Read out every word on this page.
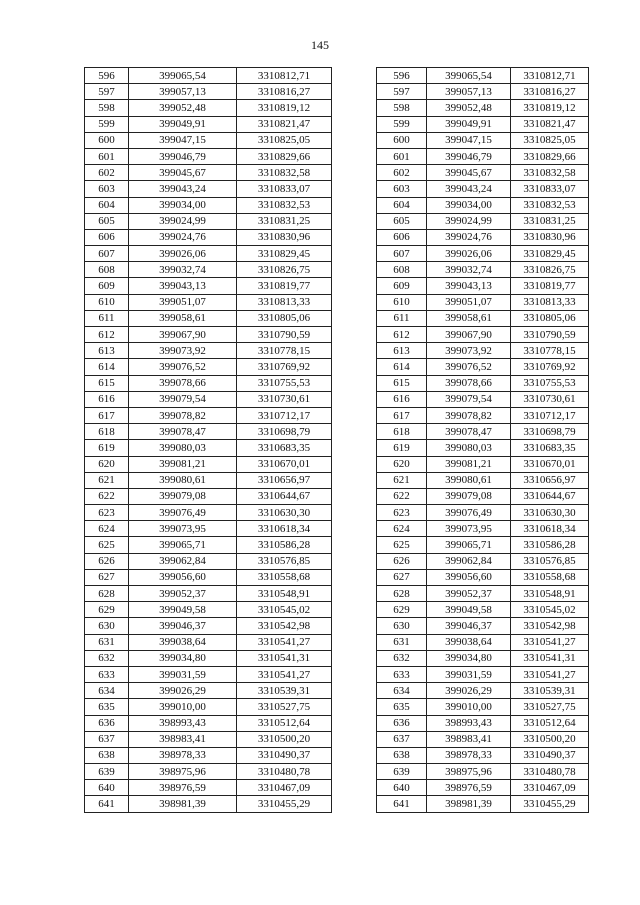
145
596	399065,54	3310812,71
597	399057,13	3310816,27
598	399052,48	3310819,12
599	399049,91	3310821,47
600	399047,15	3310825,05
601	399046,79	3310829,66
602	399045,67	3310832,58
603	399043,24	3310833,07
604	399034,00	3310832,53
605	399024,99	3310831,25
606	399024,76	3310830,96
607	399026,06	3310829,45
608	399032,74	3310826,75
609	399043,13	3310819,77
610	399051,07	3310813,33
611	399058,61	3310805,06
612	399067,90	3310790,59
613	399073,92	3310778,15
614	399076,52	3310769,92
615	399078,66	3310755,53
616	399079,54	3310730,61
617	399078,82	3310712,17
618	399078,47	3310698,79
619	399080,03	3310683,35
620	399081,21	3310670,01
621	399080,61	3310656,97
622	399079,08	3310644,67
623	399076,49	3310630,30
624	399073,95	3310618,34
625	399065,71	3310586,28
626	399062,84	3310576,85
627	399056,60	3310558,68
628	399052,37	3310548,91
629	399049,58	3310545,02
630	399046,37	3310542,98
631	399038,64	3310541,27
632	399034,80	3310541,31
633	399031,59	3310541,27
634	399026,29	3310539,31
635	399010,00	3310527,75
636	398993,43	3310512,64
637	398983,41	3310500,20
638	398978,33	3310490,37
639	398975,96	3310480,78
640	398976,59	3310467,09
641	398981,39	3310455,29
596	399065,54	3310812,71
597	399057,13	3310816,27
598	399052,48	3310819,12
599	399049,91	3310821,47
600	399047,15	3310825,05
601	399046,79	3310829,66
602	399045,67	3310832,58
603	399043,24	3310833,07
604	399034,00	3310832,53
605	399024,99	3310831,25
606	399024,76	3310830,96
607	399026,06	3310829,45
608	399032,74	3310826,75
609	399043,13	3310819,77
610	399051,07	3310813,33
611	399058,61	3310805,06
612	399067,90	3310790,59
613	399073,92	3310778,15
614	399076,52	3310769,92
615	399078,66	3310755,53
616	399079,54	3310730,61
617	399078,82	3310712,17
618	399078,47	3310698,79
619	399080,03	3310683,35
620	399081,21	3310670,01
621	399080,61	3310656,97
622	399079,08	3310644,67
623	399076,49	3310630,30
624	399073,95	3310618,34
625	399065,71	3310586,28
626	399062,84	3310576,85
627	399056,60	3310558,68
628	399052,37	3310548,91
629	399049,58	3310545,02
630	399046,37	3310542,98
631	399038,64	3310541,27
632	399034,80	3310541,31
633	399031,59	3310541,27
634	399026,29	3310539,31
635	399010,00	3310527,75
636	398993,43	3310512,64
637	398983,41	3310500,20
638	398978,33	3310490,37
639	398975,96	3310480,78
640	398976,59	3310467,09
641	398981,39	3310455,29
